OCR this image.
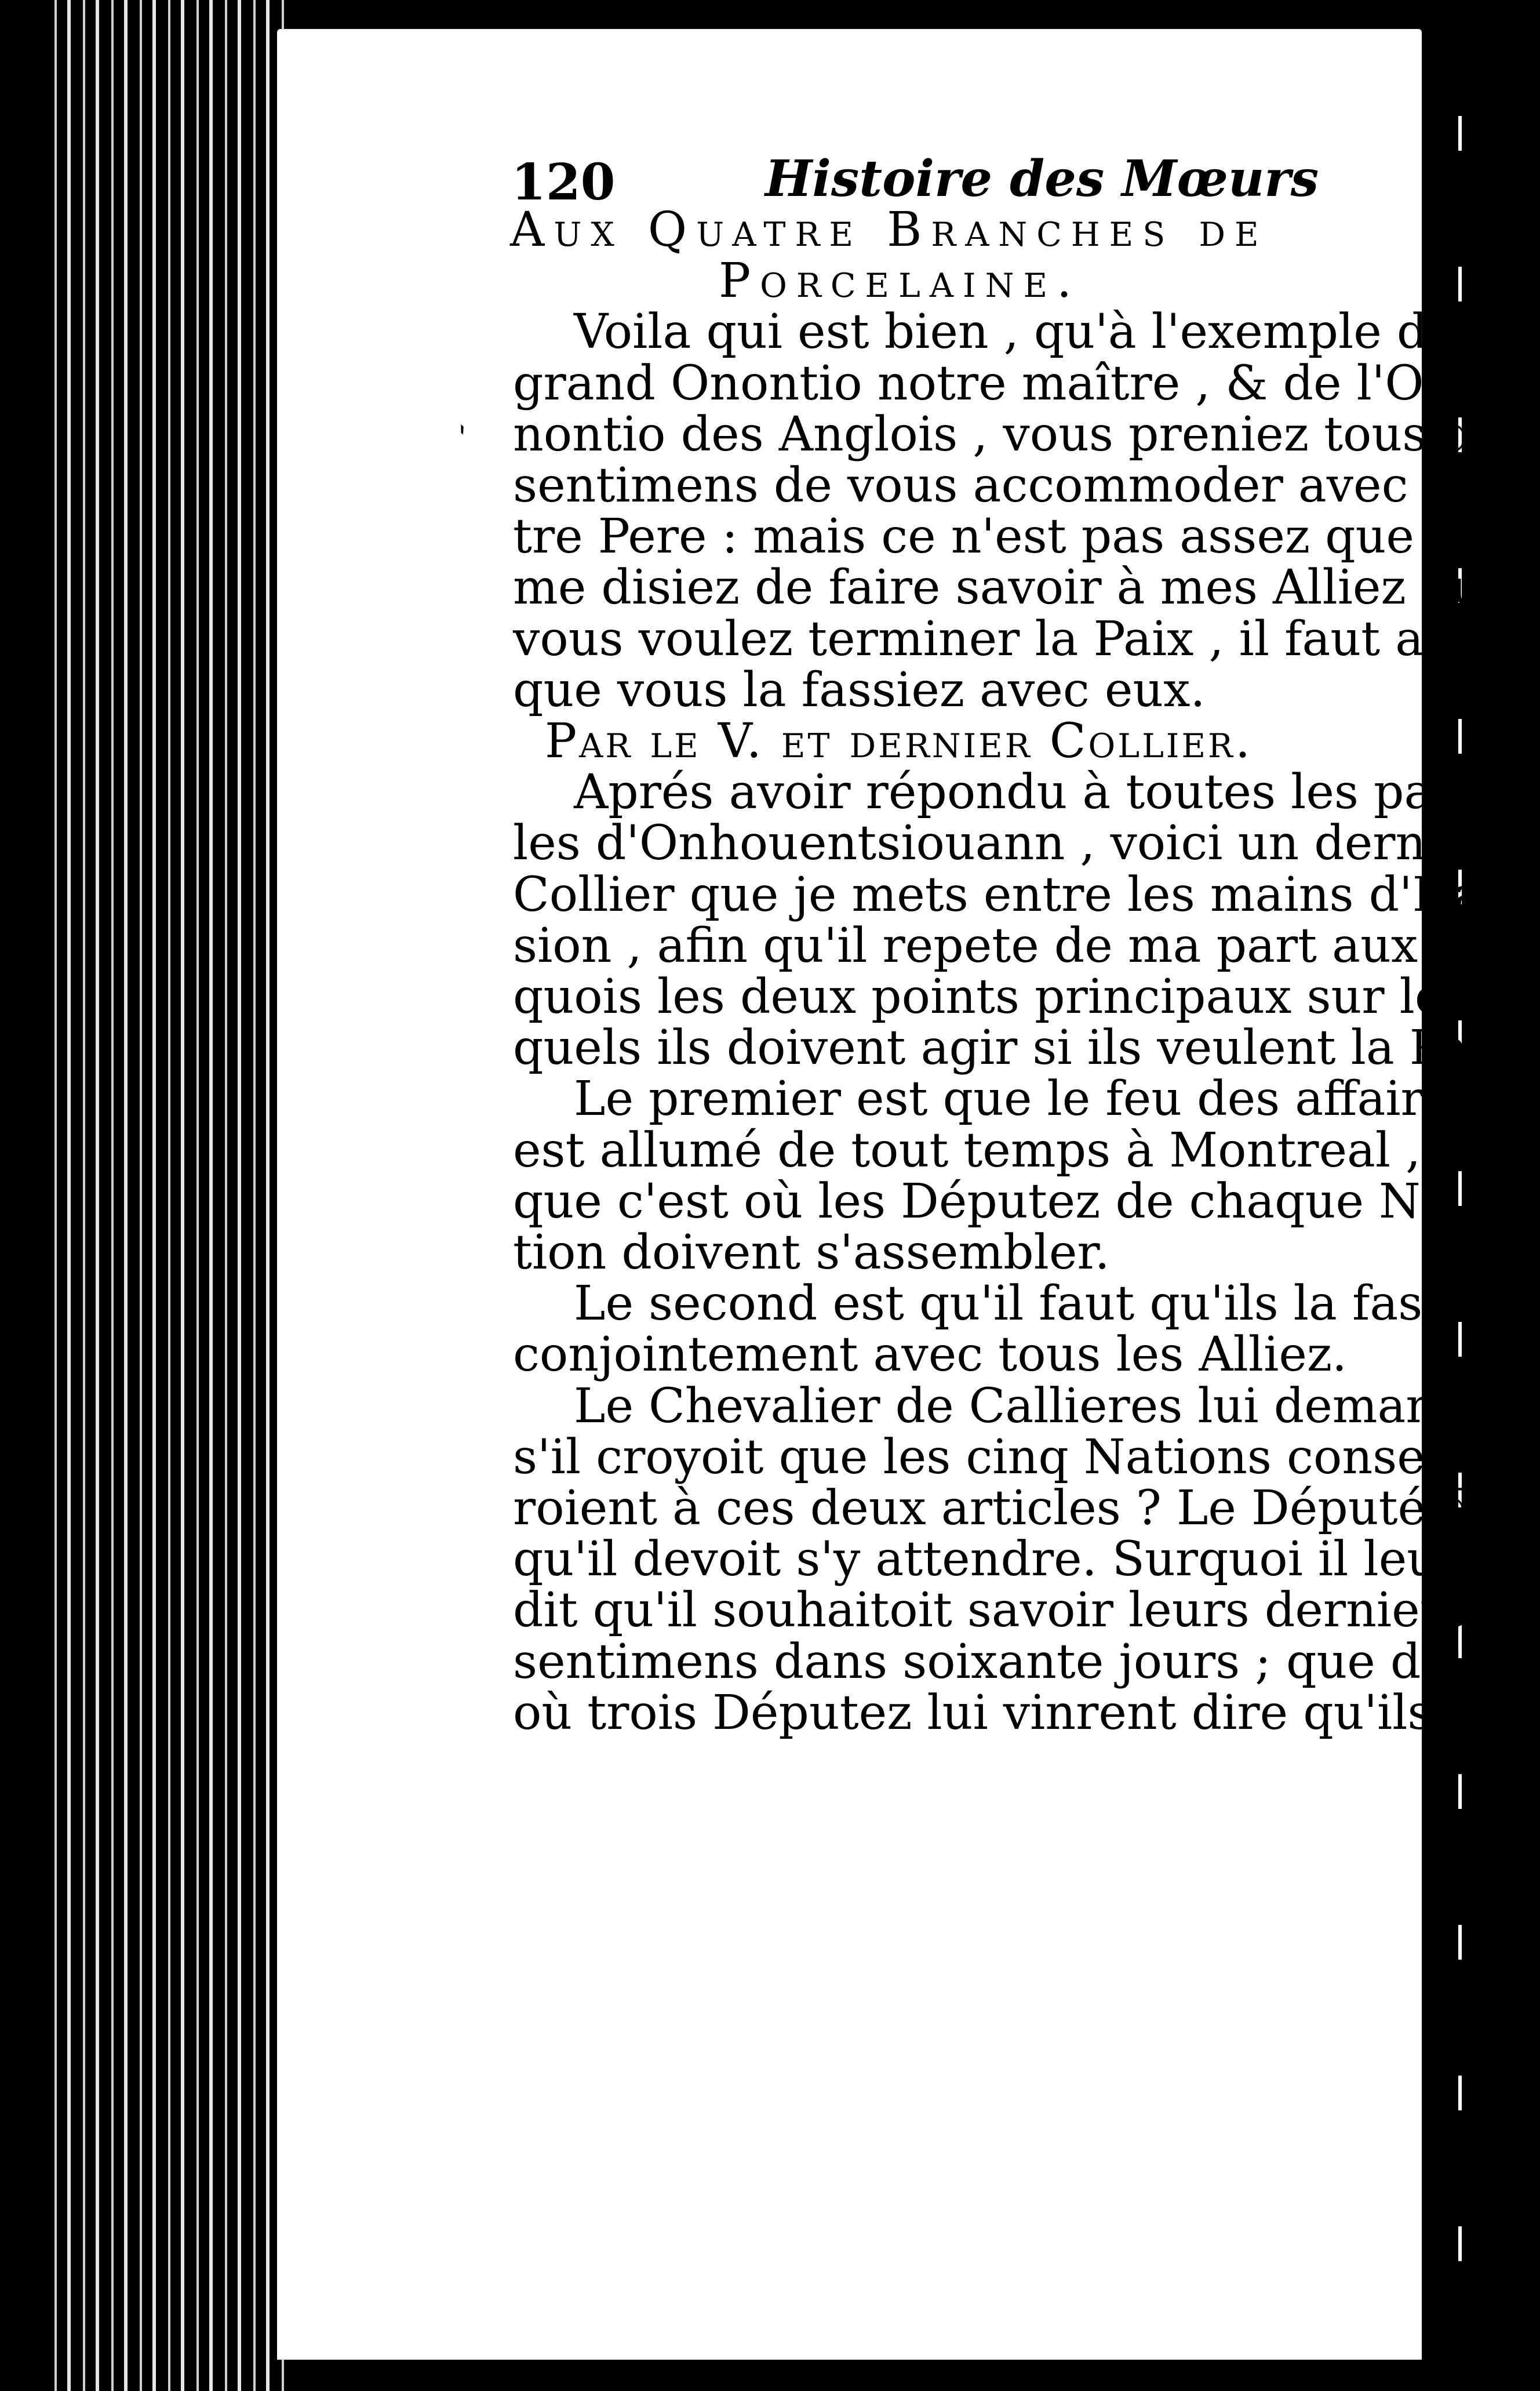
ˋ
120	Histoire des Mœurs
Aux Quatre Branches de
Porcelaine.
Voila qui est bien , qu'à l'exemple du
grand Onontio notre maître , & de l'O.
nontio des Anglois , vous preniez tous des
sentimens de vous accommoder avec vo.
tre Pere : mais ce n'est pas assez que vous
me disiez de faire savoir à mes Alliez que
vous voulez terminer la Paix , il faut aussi
que vous la fassiez avec eux.
Par le V. et dernier Collier.
Aprés avoir répondu à toutes les paro.
les d'Onhouentsiouann , voici un dernier
Collier que je mets entre les mains d'Hart.
sion , afin qu'il repete de ma part aux Iro.
quois les deux points principaux sur les.
quels ils doivent agir si ils veulent la Paix.
Le premier est que le feu des affaires
est allumé de tout temps à Montreal , &
que c'est où les Députez de chaque Na.
tion doivent s'assembler.
Le second est qu'il faut qu'ils la fassent
conjointement avec tous les Alliez.
Le Chevalier de Callieres lui demanda
s'il croyoit que les cinq Nations consenti.
roient à ces deux articles ? Le Député dit
qu'il devoit s'y attendre. Surquoi il leur
dit qu'il souhaitoit savoir leurs derniers
sentimens dans soixante jours ; que deux
où trois Députez lui vinrent dire qu'ils
